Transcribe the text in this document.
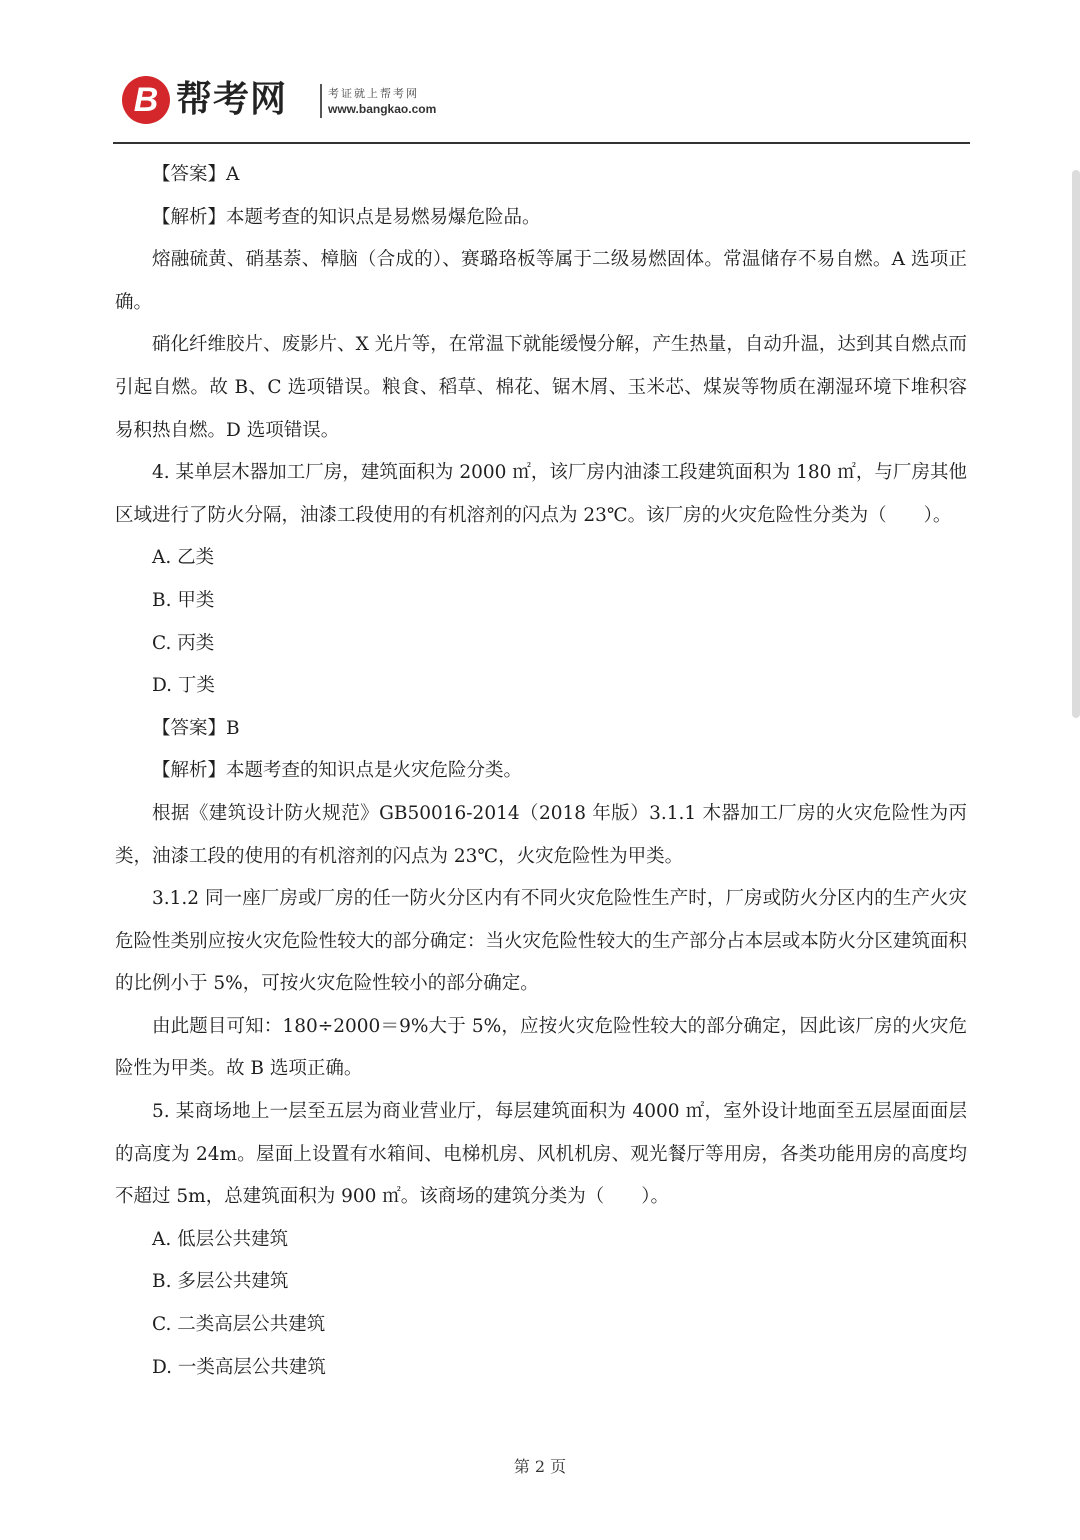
B 帮考网	考证就上帮考网
www.bangkao.com

【答案】A

【解析】本题考查的知识点是易燃易爆危险品。

熔融硫黄、硝基萘、樟脑（合成的）、赛璐珞板等属于二级易燃固体。常温储存不易自燃。A 选项正确。

硝化纤维胶片、废影片、X 光片等，在常温下就能缓慢分解，产生热量，自动升温，达到其自燃点而引起自燃。故 B、C 选项错误。粮食、稻草、棉花、锯木屑、玉米芯、煤炭等物质在潮湿环境下堆积容易积热自燃。D 选项错误。

4. 某单层木器加工厂房，建筑面积为 2000 ㎡，该厂房内油漆工段建筑面积为 180 ㎡，与厂房其他区域进行了防火分隔，油漆工段使用的有机溶剂的闪点为 23℃。该厂房的火灾危险性分类为（　　）。

A. 乙类

B. 甲类

C. 丙类

D. 丁类

【答案】B

【解析】本题考查的知识点是火灾危险分类。

根据《建筑设计防火规范》GB50016-2014（2018 年版）3.1.1 木器加工厂房的火灾危险性为丙类，油漆工段的使用的有机溶剂的闪点为 23℃，火灾危险性为甲类。

3.1.2 同一座厂房或厂房的任一防火分区内有不同火灾危险性生产时，厂房或防火分区内的生产火灾危险性类别应按火灾危险性较大的部分确定：当火灾危险性较大的生产部分占本层或本防火分区建筑面积的比例小于 5%，可按火灾危险性较小的部分确定。

由此题目可知：180÷2000＝9%大于 5%，应按火灾危险性较大的部分确定，因此该厂房的火灾危险性为甲类。故 B 选项正确。

5. 某商场地上一层至五层为商业营业厅，每层建筑面积为 4000 ㎡，室外设计地面至五层屋面面层的高度为 24m。屋面上设置有水箱间、电梯机房、风机机房、观光餐厅等用房，各类功能用房的高度均不超过 5m，总建筑面积为 900 ㎡。该商场的建筑分类为（　　）。

A. 低层公共建筑

B. 多层公共建筑

C. 二类高层公共建筑

D. 一类高层公共建筑

第 2 页
